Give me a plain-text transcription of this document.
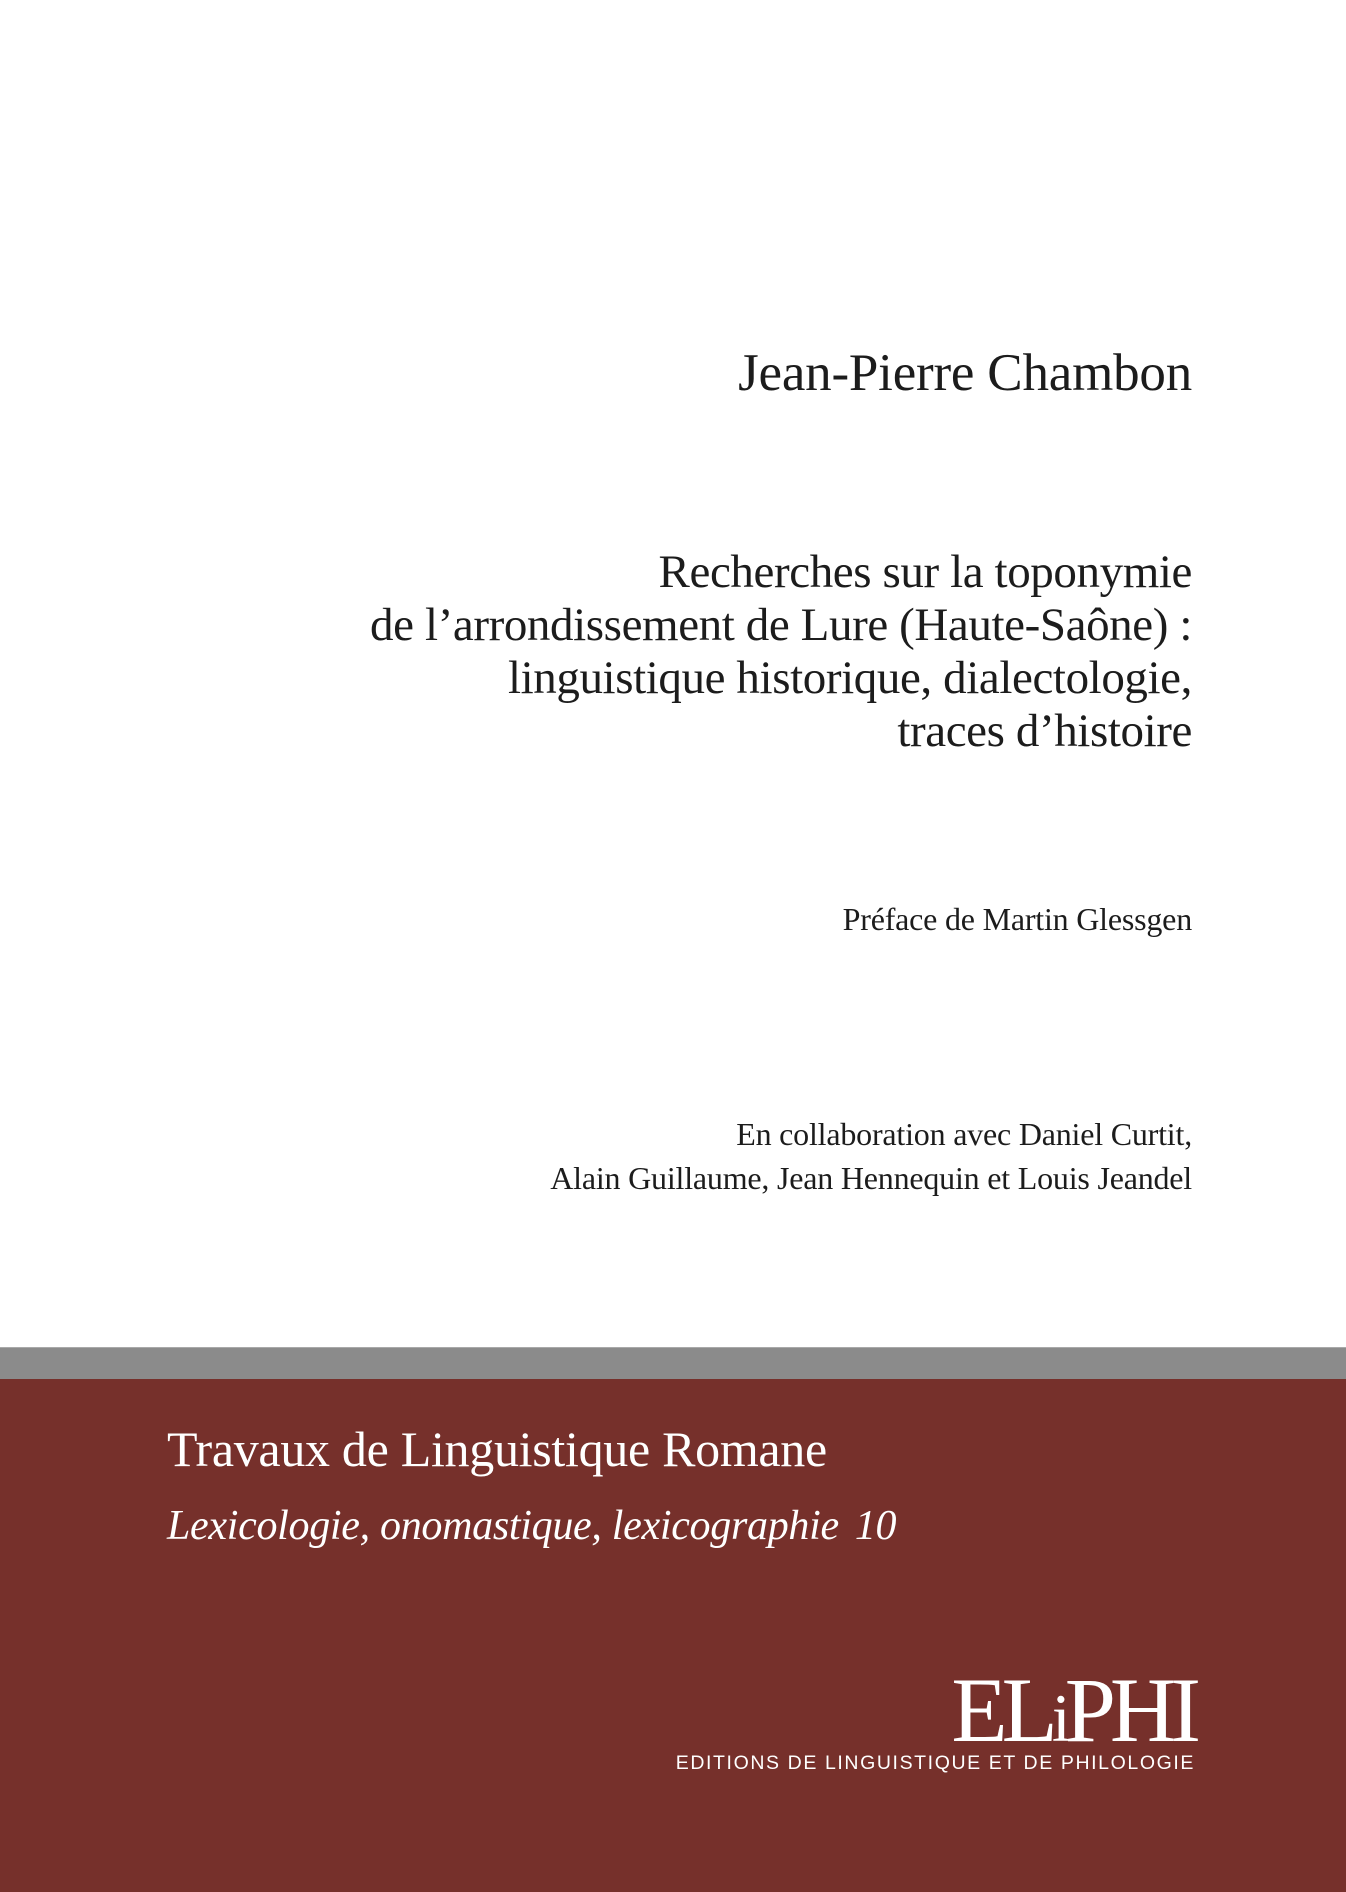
Jean-Pierre Chambon
Recherches sur la toponymie
de l’arrondissement de Lure (Haute-Saône) :
linguistique historique, dialectologie,
traces d’histoire
Préface de Martin Glessgen
En collaboration avec Daniel Curtit,
Alain Guillaume, Jean Hennequin et Louis Jeandel
Travaux de Linguistique Romane
Lexicologie, onomastique, lexicographie 10
ELiPHI
EDITIONS DE LINGUISTIQUE ET DE PHILOLOGIE
